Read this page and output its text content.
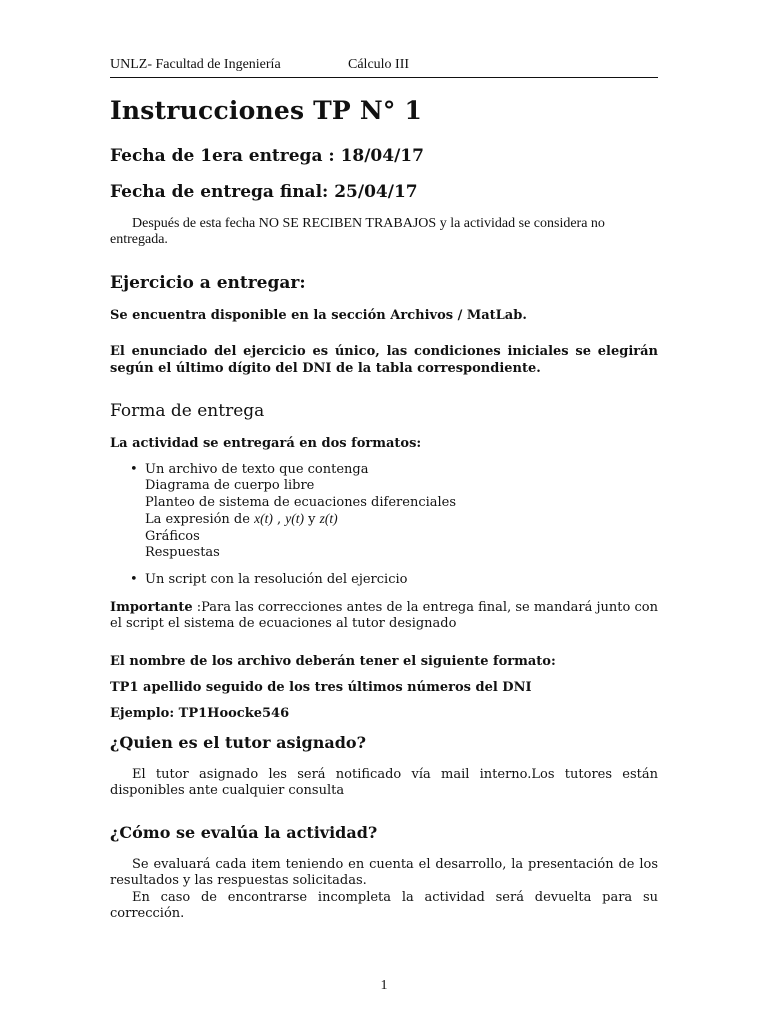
UNLZ- Facultad de Ingeniería	Cálculo III
Instrucciones TP N° 1
Fecha de 1era entrega : 18/04/17
Fecha de entrega final: 25/04/17

Después de esta fecha NO SE RECIBEN TRABAJOS y la actividad se considera no entregada.

Ejercicio a entregar:

Se encuentra disponible en la sección Archivos / MatLab.

El enunciado del ejercicio es único, las condiciones iniciales se elegirán según el último dígito del DNI de la tabla correspondiente.

Forma de entrega

La actividad se entregará en dos formatos:

• Un archivo de texto que contenga
Diagrama de cuerpo libre
Planteo de sistema de ecuaciones diferenciales
La expresión de x(t) , y(t) y z(t)
Gráficos
Respuestas
• Un script con la resolución del ejercicio

Importante :Para las correcciones antes de la entrega final, se mandará junto con el script el sistema de ecuaciones al tutor designado

El nombre de los archivo deberán tener el siguiente formato:

TP1 apellido seguido de los tres últimos números del DNI

Ejemplo: TP1Hoocke546

¿Quien es el tutor asignado?

El tutor asignado les será notificado vía mail interno.Los tutores están disponibles ante cualquier consulta

¿Cómo se evalúa la actividad?

Se evaluará cada item teniendo en cuenta el desarrollo, la presentación de los resultados y las respuestas solicitadas.

En caso de encontrarse incompleta la actividad será devuelta para su corrección.

1
